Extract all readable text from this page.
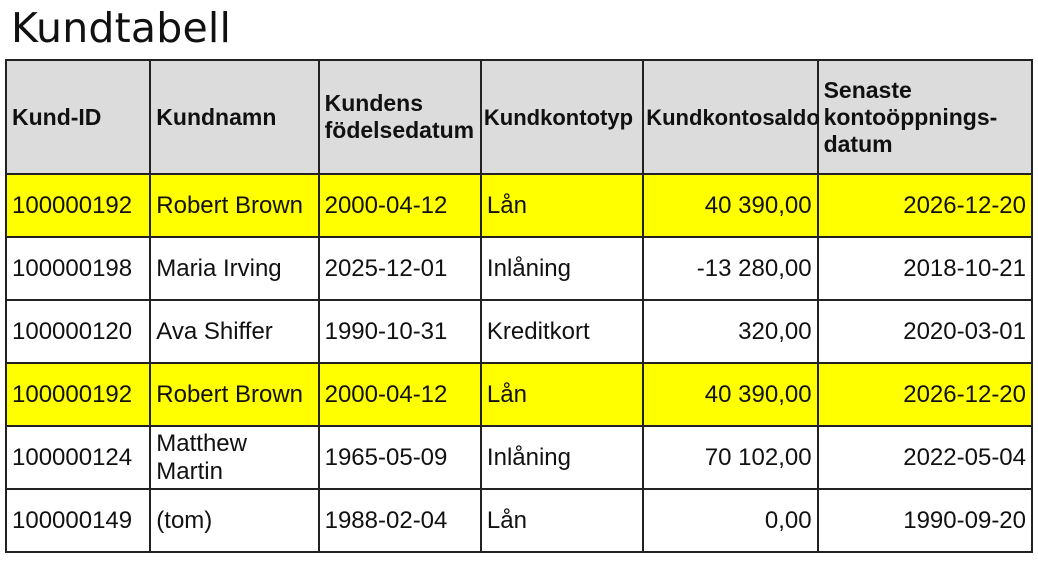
Kundtabell
Kund-ID	Kundnamn	Kundens födelsedatum	Kundkontotyp	Kundkontosaldo	Senaste kontoöppnings-datum
100000192	Robert Brown	2000-04-12	Lån	40 390,00	2026-12-20
100000198	Maria Irving	2025-12-01	Inlåning	-13 280,00	2018-10-21
100000120	Ava Shiffer	1990-10-31	Kreditkort	320,00	2020-03-01
100000192	Robert Brown	2000-04-12	Lån	40 390,00	2026-12-20
100000124	Matthew Martin	1965-05-09	Inlåning	70 102,00	2022-05-04
100000149	(tom)	1988-02-04	Lån	0,00	1990-09-20
